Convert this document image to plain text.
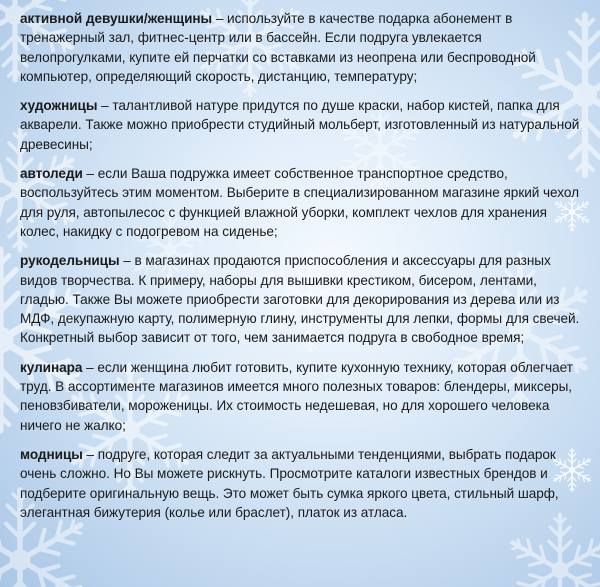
активной девушки/женщины – используйте в качестве подарка абонемент в тренажерный зал, фитнес-центр или в бассейн. Если подруга увлекается велопрогулками, купите ей перчатки со вставками из неопрена или беспроводной компьютер, определяющий скорость, дистанцию, температуру;

художницы – талантливой натуре придутся по душе краски, набор кистей, папка для акварели. Также можно приобрести студийный мольберт, изготовленный из натуральной древесины;

автоледи – если Ваша подружка имеет собственное транспортное средство, воспользуйтесь этим моментом. Выберите в специализированном магазине яркий чехол для руля, автопылесос с функцией влажной уборки, комплект чехлов для хранения колес, накидку с подогревом на сиденье;

рукодельницы – в магазинах продаются приспособления и аксессуары для разных видов творчества. К примеру, наборы для вышивки крестиком, бисером, лентами, гладью. Также Вы можете приобрести заготовки для декорирования из дерева или из МДФ, декупажную карту, полимерную глину, инструменты для лепки, формы для свечей. Конкретный выбор зависит от того, чем занимается подруга в свободное время;

кулинара – если женщина любит готовить, купите кухонную технику, которая облегчает труд. В ассортименте магазинов имеется много полезных товаров: блендеры, миксеры, пеновзбиватели, мороженицы. Их стоимость недешевая, но для хорошего человека ничего не жалко;

модницы – подруге, которая следит за актуальными тенденциями, выбрать подарок очень сложно. Но Вы можете рискнуть. Просмотрите каталоги известных брендов и подберите оригинальную вещь. Это может быть сумка яркого цвета, стильный шарф, элегантная бижутерия (колье или браслет), платок из атласа.
